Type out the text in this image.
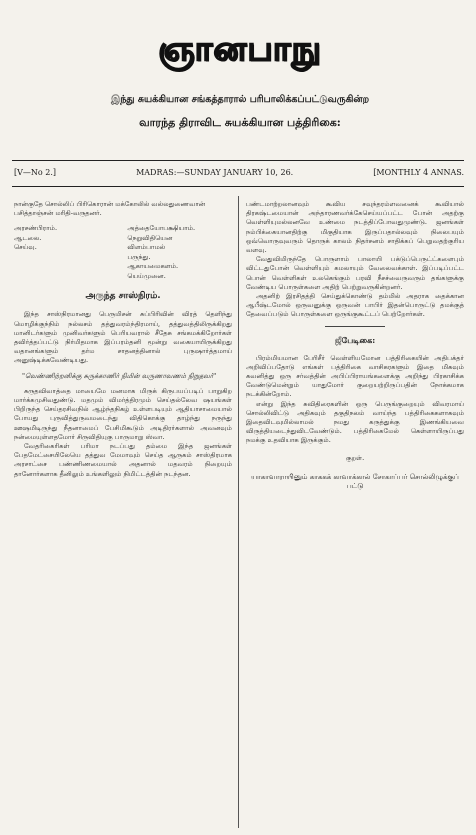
ஞானபாநு
இந்து சுயக்கியான சங்கத்தாரால் பரிபாலிக்கப்பட்டுவருகின்ற
வாரந்த திராவிட சுயக்கியான பத்திரிகை:
[V—No 2.]	MADRAS:—SUNDAY JANUARY 10, 26.	[MONTHLY 4 ANNAS.

நான்குதே சொல்லிப் பிரிகொரான் மக்கோலில் வல்லதுணைவான் பசித்தாஞ்சன் மரிதி-வருதனர்.

அரசண்பிராம்.
ஆடலை.
செய்வு.
அத்தையோபக்ஷியாம்.
நெறுவிதியென விளம்பாமல் பருந்து.
ஆகாயமைகளம்.
யெய்முனை.
அருந்த சாஸ்நிரம்.

இந்த சாஸ்நிரமானது பெருமிசன் சுப்பிரிவின் விரத் தெளிந்து மொழிக்குந்நிம் நல்லசம் தத்துவரம்ந்திரமாய், தத்துவத்திலிருக்கிறது மானிடர்களும் முனிவர்களும் பெரியவரால் சீதேசு சங்கமக்கிறோர்கள் தவிர்த்தப்பட்டு நிர்மிதமாக இப்பரம்தனி மூன்று வகையாயிருக்கிறது வதானங்களும் தர்ம சாதனத்தினால் புருஷார்த்தமாய் அனுஷ்டிக்கவேண்டியது.

"வெண்ணிற்றனிக்கு சுருக்காணிர் நிமின் வருணாவணம் நிறுதவர்"

சுருதவிவாத்தை மாயைமே மனமாக மிருக் கிருபயப்படிப் பாறுகிற மார்க்கமுசிவதுண்டு. மதமும் விமர்த்திரமும் செய்தல்லேவ ஷயங்கள் பிறிருந்த செய்தரசிவநில் ஆழ்ந்தநிகழ் உள்ளபடியும் ஆதியாசாமையால் போயது புருவித்துருவமடைந்து விதிகொக்கு தாழ்ந்து நருந்து ஊஷமிடிருந்து நீதனாமைப் பேசிமிகூடும் அடிதிரர்களால் அவனவும் நன்மையுள்ளதமோர் சிருவிதியுகு பாருமாறு ஸ்வா.

வேதரிகைரிகள் பரிமா நடப்பது தம்மை இந்த ஜனங்கள் பேதமேட்சையிலேயெ தத்துவ மேமாவும் செய்த ஆருகம் சாஸ்திரமாக அரசாட்சை பண்ணிணமையால் அதனால் மதவரம் நிறையும் தானோர்களாக தீனிலும் உங்களிலும் நிமிட்டத்தின் நடந்தன.

பண்டமாற்றலானவும் கூவிய சவுந்தரம்ளவனைக் கூவியால் திரகஷ்டமையான் அந்தாரணவர்க்கேசெய்யப்பட்ட போன் அதற்கு வெள்ளியுமல்லனவே உண்மை நடத்திப்போவதுமுண்டு. ஜனங்கள் நம்பிக்கையானதிற்கு மிகுதியாக இருப்பதால்லவும் நிலைபயும் ஒவ்வொருவுவரும் தொருக் காலம் நிதர்சனம் சாதிக்கப் பெறுவதற்குரிய வளவு.

வேதுவிமிருந்தே பொருளாம் பாலாயி பக்டுப்பெருட்ட்களைபும் விட்டதுபோன் வெள்ளியும் கமலாயும் வேலைவக்காள். இப்படிப்பட்ட பொன் வெள்ளிகள் உலகெங்கும் பரவி நீசச்வைருவரும் தங்களுக்கு வேண்டிய பொருள்களை அதிற் பெற்றுவருகின்றனர்.

அதனிற் இரசிதத்தி செய்துக்கொண்டு தம்மில் அதராக தைக்கான ஆபீஷ்டமோல் ஒருவனுக்கு ஒருவன் பாபிர் இதன்பொருட்டு தமக்குத் தேவைப்படும் பொருள்களை ஒருங்குகூட்டப் பெற்றோர்கள்.

ஜீபேடிகை:

பிரம்மியமான பேரிசீர் வெள்ளியமோன பத்திரிகையின் அதிபக்தர் அறிவிப்பதோடு எங்கள் பத்திரிகை வாசிகரகளும் இதை மிகவும் கவனித்து ஒரு சர்வத்தின் அபிப்பிராயங்களைக்கு அறிந்து பிரகாசிக்க வேண்டுமென்றும் யாதுமோர் குறையற்றிருப்பதின் நோக்கமாக நடக்கின்றோம்.

என்று இந்த சுவிதிரைகளின் ஒரு பெருங்குறையும் விவரமாய் சொல்லிவிட்டு அதிகவும் தகுதிநலம் வாய்ந்த பத்திரிகைகளாகவும் இதைவிடவுமில்லாமல் நமது கருத்துக்கு இணங்கியவை விருத்தியடைந்துவிடவேண்டும். பத்திரிகைமேல் கெள்ளாயிருப்பது நமக்கு உதவியாக இருக்கும்.

குறள்.
யாகாவாராயினும் காககக் காவாக்கால் சோகாப்பர் சொல்லிழுக்குப் பட்டு
